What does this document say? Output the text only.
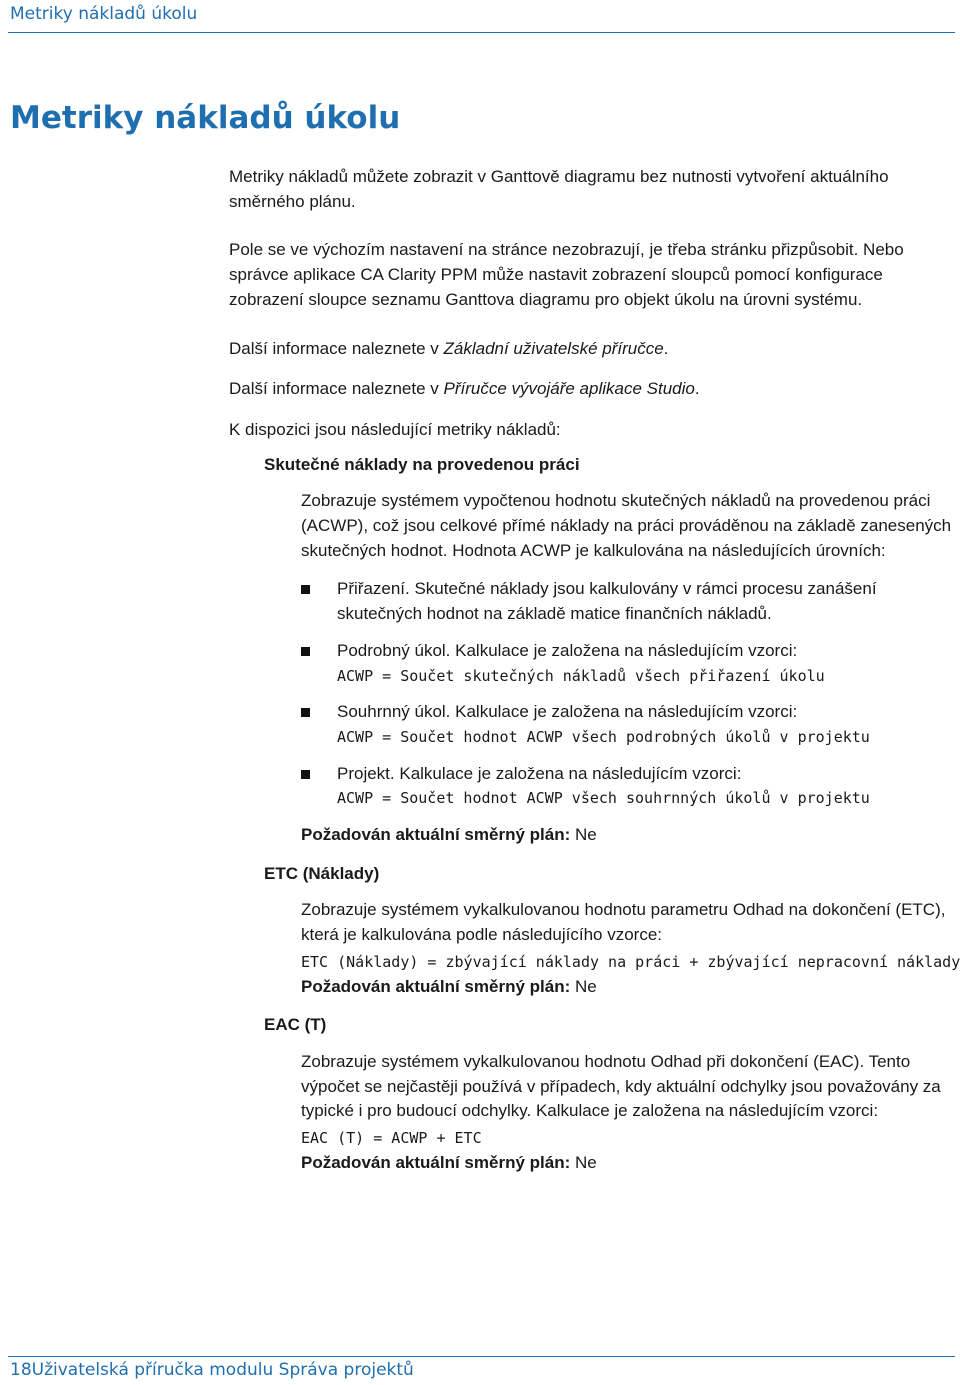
Metriky nákladů úkolu
Metriky nákladů úkolu

Metriky nákladů můžete zobrazit v Ganttově diagramu bez nutnosti vytvoření aktuálního směrného plánu.

Pole se ve výchozím nastavení na stránce nezobrazují, je třeba stránku přizpůsobit. Nebo správce aplikace CA Clarity PPM může nastavit zobrazení sloupců pomocí konfigurace zobrazení sloupce seznamu Ganttova diagramu pro objekt úkolu na úrovni systému.

Další informace naleznete v Základní uživatelské příručce.

Další informace naleznete v Příručce vývojáře aplikace Studio.

K dispozici jsou následující metriky nákladů:

Skutečné náklady na provedenou práci

Zobrazuje systémem vypočtenou hodnotu skutečných nákladů na provedenou práci (ACWP), což jsou celkové přímé náklady na práci prováděnou na základě zanesených skutečných hodnot. Hodnota ACWP je kalkulována na následujících úrovních:

Přiřazení. Skutečné náklady jsou kalkulovány v rámci procesu zanášení skutečných hodnot na základě matice finančních nákladů.
Podrobný úkol. Kalkulace je založena na následujícím vzorci:
ACWP = Součet skutečných nákladů všech přiřazení úkolu
Souhrnný úkol. Kalkulace je založena na následujícím vzorci:
ACWP = Součet hodnot ACWP všech podrobných úkolů v projektu
Projekt. Kalkulace je založena na následujícím vzorci:
ACWP = Součet hodnot ACWP všech souhrnných úkolů v projektu

Požadován aktuální směrný plán: Ne

ETC (Náklady)

Zobrazuje systémem vykalkulovanou hodnotu parametru Odhad na dokončení (ETC), která je kalkulována podle následujícího vzorce:

ETC (Náklady) = zbývající náklady na práci + zbývající nepracovní náklady

Požadován aktuální směrný plán: Ne

EAC (T)

Zobrazuje systémem vykalkulovanou hodnotu Odhad při dokončení (EAC). Tento výpočet se nejčastěji používá v případech, kdy aktuální odchylky jsou považovány za typické i pro budoucí odchylky. Kalkulace je založena na následujícím vzorci:

EAC (T) = ACWP + ETC

Požadován aktuální směrný plán: Ne

18Uživatelská příručka modulu Správa projektů
